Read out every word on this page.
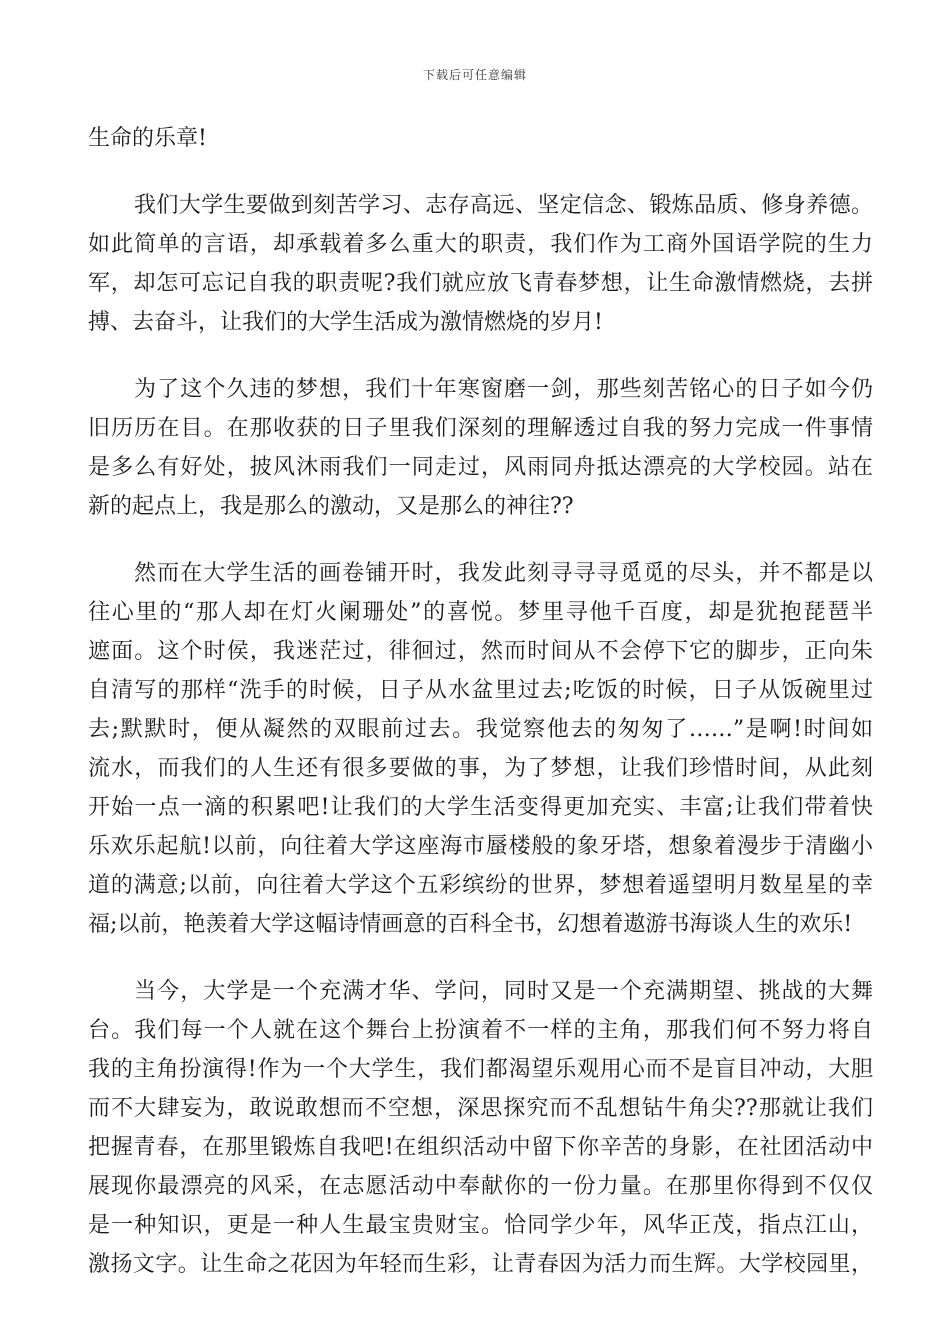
下载后可任意编辑
生命的乐章!
我们大学生要做到刻苦学习、志存高远、坚定信念、锻炼品质、修身养德。
如此简单的言语，却承载着多么重大的职责，我们作为工商外国语学院的生力
军，却怎可忘记自我的职责呢?我们就应放飞青春梦想，让生命激情燃烧，去拼
搏、去奋斗，让我们的大学生活成为激情燃烧的岁月!
为了这个久违的梦想，我们十年寒窗磨一剑，那些刻苦铭心的日子如今仍
旧历历在目。在那收获的日子里我们深刻的理解透过自我的努力完成一件事情
是多么有好处，披风沐雨我们一同走过，风雨同舟抵达漂亮的大学校园。站在
新的起点上，我是那么的激动，又是那么的神往??
然而在大学生活的画卷铺开时，我发此刻寻寻寻觅觅的尽头，并不都是以
往心里的“那人却在灯火阑珊处”的喜悦。梦里寻他千百度，却是犹抱琵琶半
遮面。这个时侯，我迷茫过，徘徊过，然而时间从不会停下它的脚步，正向朱
自清写的那样“洗手的时候，日子从水盆里过去;吃饭的时候，日子从饭碗里过
去;默默时，便从凝然的双眼前过去。我觉察他去的匆匆了……”是啊!时间如
流水，而我们的人生还有很多要做的事，为了梦想，让我们珍惜时间，从此刻
开始一点一滴的积累吧!让我们的大学生活变得更加充实、丰富;让我们带着快
乐欢乐起航!以前，向往着大学这座海市蜃楼般的象牙塔，想象着漫步于清幽小
道的满意;以前，向往着大学这个五彩缤纷的世界，梦想着遥望明月数星星的幸
福;以前，艳羡着大学这幅诗情画意的百科全书，幻想着遨游书海谈人生的欢乐!
当今，大学是一个充满才华、学问，同时又是一个充满期望、挑战的大舞
台。我们每一个人就在这个舞台上扮演着不一样的主角，那我们何不努力将自
我的主角扮演得!作为一个大学生，我们都渴望乐观用心而不是盲目冲动，大胆
而不大肆妄为，敢说敢想而不空想，深思探究而不乱想钻牛角尖??那就让我们
把握青春，在那里锻炼自我吧!在组织活动中留下你辛苦的身影，在社团活动中
展现你最漂亮的风采，在志愿活动中奉献你的一份力量。在那里你得到不仅仅
是一种知识，更是一种人生最宝贵财宝。恰同学少年，风华正茂，指点江山，
激扬文字。让生命之花因为年轻而生彩，让青春因为活力而生辉。大学校园里，
